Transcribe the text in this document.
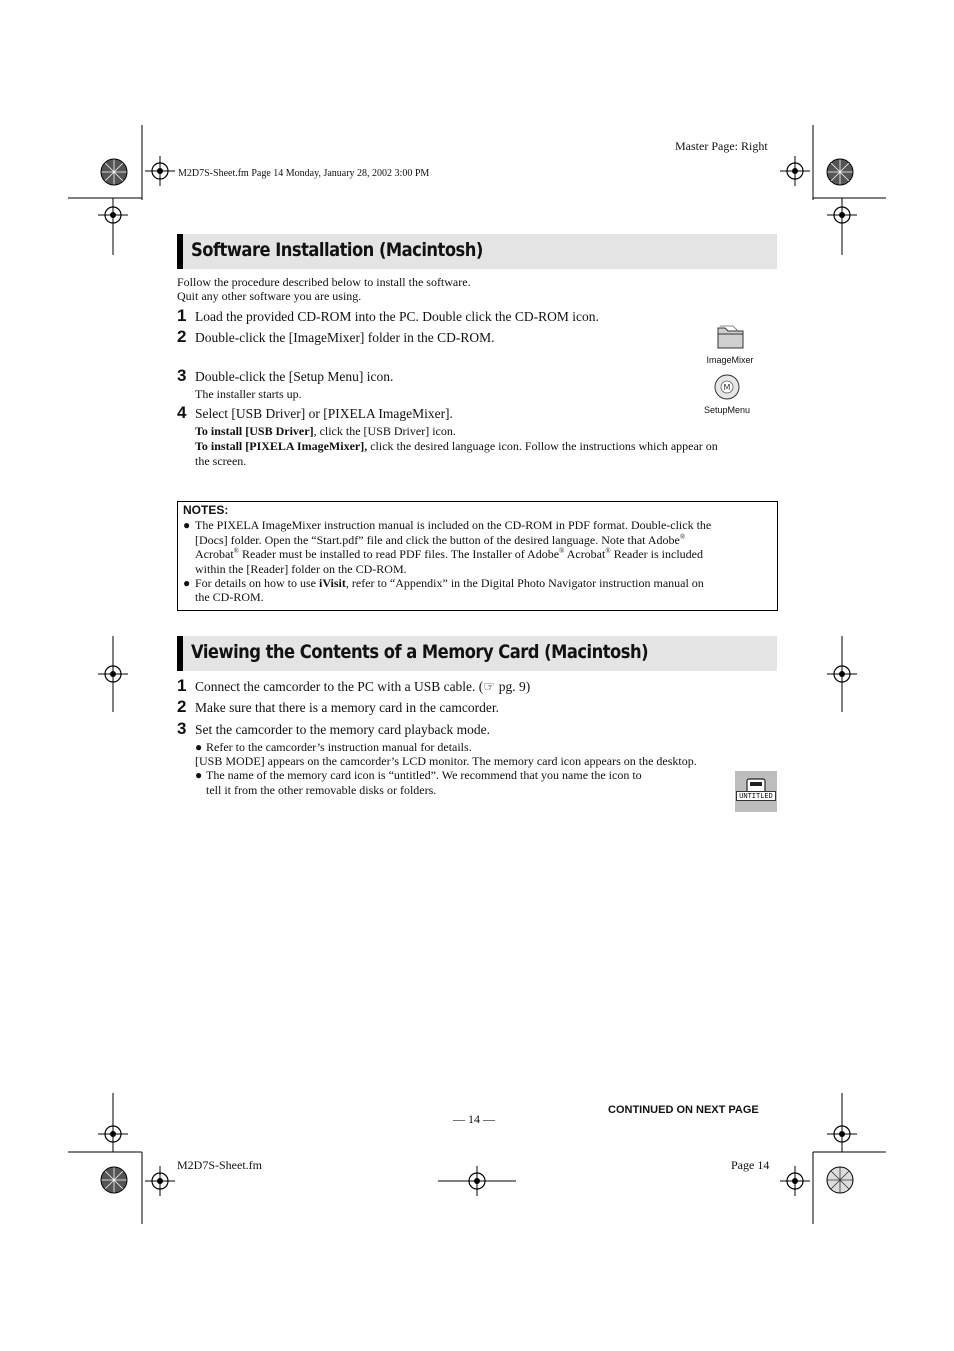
Master Page: Right
M2D7S-Sheet.fm Page 14 Monday, January 28, 2002 3:00 PM
Software Installation (Macintosh)
Follow the procedure described below to install the software.
Quit any other software you are using.
1 Load the provided CD-ROM into the PC. Double click the CD-ROM icon.
2 Double-click the [ImageMixer] folder in the CD-ROM.
ImageMixer
3 Double-click the [Setup Menu] icon.
The installer starts up.	M
SetupMenu
4 Select [USB Driver] or [PIXELA ImageMixer].
To install [USB Driver], click the [USB Driver] icon.
To install [PIXELA ImageMixer], click the desired language icon. Follow the instructions which appear on
the screen.
NOTES:
● The PIXELA ImageMixer instruction manual is included on the CD-ROM in PDF format. Double-click the
[Docs] folder. Open the “Start.pdf” file and click the button of the desired language. Note that Adobe®
Acrobat® Reader must be installed to read PDF files. The Installer of Adobe® Acrobat® Reader is included
within the [Reader] folder on the CD-ROM.
● For details on how to use iVisit, refer to “Appendix” in the Digital Photo Navigator instruction manual on
the CD-ROM.
Viewing the Contents of a Memory Card (Macintosh)
1 Connect the camcorder to the PC with a USB cable. (☞ pg. 9)
2 Make sure that there is a memory card in the camcorder.
3 Set the camcorder to the memory card playback mode.
● Refer to the camcorder’s instruction manual for details.
[USB MODE] appears on the camcorder’s LCD monitor. The memory card icon appears on the desktop.
● The name of the memory card icon is “untitled”. We recommend that you name the icon to
tell it from the other removable disks or folders.	UNTITLED
CONTINUED ON NEXT PAGE
— 14 —
M2D7S-Sheet.fm	Page 14
